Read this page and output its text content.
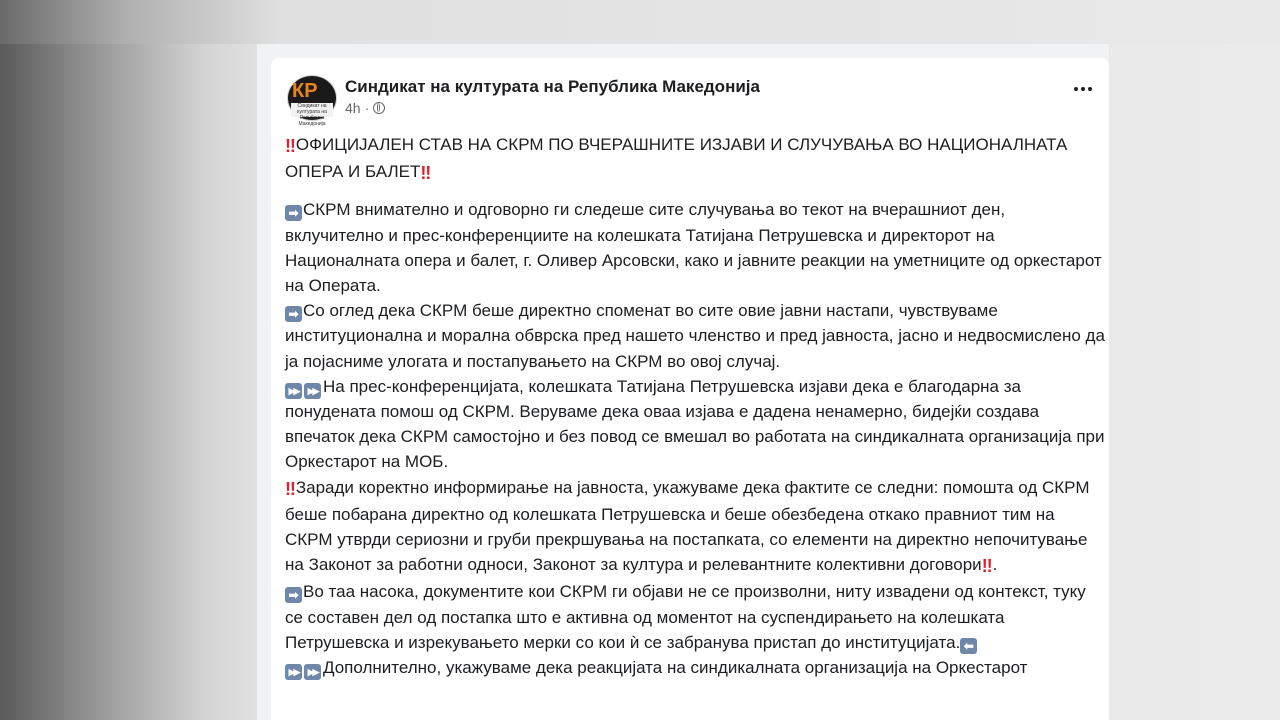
КР
Синдикат на културата на Република Македонија
Синдикат на културата на Република Македонија
4h ·

‼ОФИЦИЈАЛЕН СТАВ НА СКРМ ПО ВЧЕРАШНИТЕ ИЗЈАВИ И СЛУЧУВАЊА ВО НАЦИОНАЛНАТА ОПЕРА И БАЛЕТ‼

➡ СКРМ внимателно и одговорно ги следеше сите случувања во текот на вчерашниот ден, вклучително и прес-конференциите на колешката Татијана Петрушевска и директорот на Националната опера и балет, г. Оливер Арсовски, како и јавните реакции на уметниците од оркестарот на Операта.

➡ Со оглед дека СКРМ беше директно споменат во сите овие јавни настапи, чувствуваме институционална и морална обврска пред нашето членство и пред јавноста, јасно и недвосмислено да ја појасниме улогата и постапувањето на СКРМ во овој случај.

▶▶ ▶▶ На прес-конференцијата, колешката Татијана Петрушевска изјави дека е благодарна за понудената помош од СКРМ. Веруваме дека оваа изјава е дадена ненамерно, бидејќи создава впечаток дека СКРМ самостојно и без повод се вмешал во работата на синдикалната организација при Оркестарот на МОБ.

‼Заради коректно информирање на јавноста, укажуваме дека фактите се следни: помошта од СКРМ беше побарана директно од колешката Петрушевска и беше обезбедена откако правниот тим на СКРМ утврди сериозни и груби прекршувања на постапката, со елементи на директно непочитување на Законот за работни односи, Законот за култура и релевантните колективни договори‼.

➡ Во таа насока, документите кои СКРМ ги објави не се произволни, ниту извадени од контекст, туку се составен дел од постапка што е активна од моментот на суспендирањето на колешката Петрушевска и изрекувањето мерки со кои ѝ се забранува пристап до институцијата. ⬅

▶▶ ▶▶ Дополнително, укажуваме дека реакцијата на синдикалната организација на Оркестарот
